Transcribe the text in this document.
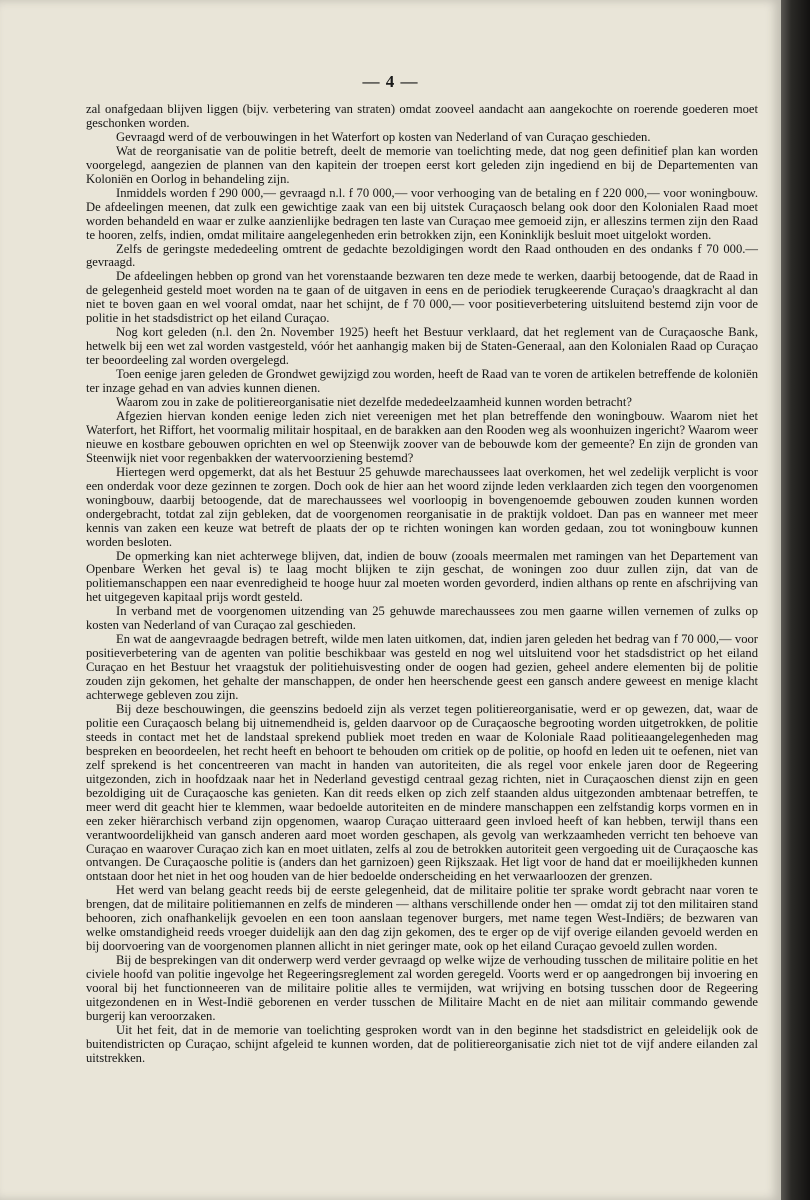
— 4 —

zal onafgedaan blijven liggen (bijv. verbetering van straten) omdat zooveel aandacht aan aangekochte on roerende goederen moet geschonken worden.

Gevraagd werd of de verbouwingen in het Waterfort op kosten van Nederland of van Curaçao geschieden.

Wat de reorganisatie van de politie betreft, deelt de memorie van toelichting mede, dat nog geen definitief plan kan worden voorgelegd, aangezien de plannen van den kapitein der troepen eerst kort geleden zijn ingediend en bij de Departementen van Koloniën en Oorlog in behandeling zijn.

Inmiddels worden f 290 000,— gevraagd n.l. f 70 000,— voor verhooging van de betaling en f 220 000,— voor woningbouw. De afdeelingen meenen, dat zulk een gewichtige zaak van een bij uitstek Curaçaosch belang ook door den Kolonialen Raad moet worden behandeld en waar er zulke aanzienlijke bedragen ten laste van Curaçao mee gemoeid zijn, er alleszins termen zijn den Raad te hooren, zelfs, indien, omdat militaire aangelegenheden erin betrokken zijn, een Koninklijk besluit moet uitgelokt worden.

Zelfs de geringste mededeeling omtrent de gedachte bezoldigingen wordt den Raad onthouden en des ondanks f 70 000.— gevraagd.

De afdeelingen hebben op grond van het vorenstaande bezwaren ten deze mede te werken, daarbij betoogende, dat de Raad in de gelegenheid gesteld moet worden na te gaan of de uitgaven in eens en de periodiek terugkeerende Curaçao's draagkracht al dan niet te boven gaan en wel vooral omdat, naar het schijnt, de f 70 000,— voor positieverbetering uitsluitend bestemd zijn voor de politie in het stadsdistrict op het eiland Curaçao.

Nog kort geleden (n.l. den 2n. November 1925) heeft het Bestuur verklaard, dat het reglement van de Curaçaosche Bank, hetwelk bij een wet zal worden vastgesteld, vóór het aanhangig maken bij de Staten-Generaal, aan den Kolonialen Raad op Curaçao ter beoordeeling zal worden overgelegd.

Toen eenige jaren geleden de Grondwet gewijzigd zou worden, heeft de Raad van te voren de artikelen betreffende de koloniën ter inzage gehad en van advies kunnen dienen.

Waarom zou in zake de politiereorganisatie niet dezelfde mededeelzaamheid kunnen worden betracht?

Afgezien hiervan konden eenige leden zich niet vereenigen met het plan betreffende den woningbouw. Waarom niet het Waterfort, het Riffort, het voormalig militair hospitaal, en de barakken aan den Rooden weg als woonhuizen ingericht? Waarom weer nieuwe en kostbare gebouwen oprichten en wel op Steenwijk zoover van de bebouwde kom der gemeente? En zijn de gronden van Steenwijk niet voor regenbakken der watervoorziening bestemd?

Hiertegen werd opgemerkt, dat als het Bestuur 25 gehuwde marechaussees laat overkomen, het wel zedelijk verplicht is voor een onderdak voor deze gezinnen te zorgen. Doch ook de hier aan het woord zijnde leden verklaarden zich tegen den voorgenomen woningbouw, daarbij betoogende, dat de marechaussees wel voorloopig in bovengenoemde gebouwen zouden kunnen worden ondergebracht, totdat zal zijn gebleken, dat de voorgenomen reorganisatie in de praktijk voldoet. Dan pas en wanneer met meer kennis van zaken een keuze wat betreft de plaats der op te richten woningen kan worden gedaan, zou tot woningbouw kunnen worden besloten.

De opmerking kan niet achterwege blijven, dat, indien de bouw (zooals meermalen met ramingen van het Departement van Openbare Werken het geval is) te laag mocht blijken te zijn geschat, de woningen zoo duur zullen zijn, dat van de politiemanschappen een naar evenredigheid te hooge huur zal moeten worden gevorderd, indien althans op rente en afschrijving van het uitgegeven kapitaal prijs wordt gesteld.

In verband met de voorgenomen uitzending van 25 gehuwde marechaussees zou men gaarne willen vernemen of zulks op kosten van Nederland of van Curaçao zal geschieden.

En wat de aangevraagde bedragen betreft, wilde men laten uitkomen, dat, indien jaren geleden het bedrag van f 70 000,— voor positieverbetering van de agenten van politie beschikbaar was gesteld en nog wel uitsluitend voor het stadsdistrict op het eiland Curaçao en het Bestuur het vraagstuk der politiehuisvesting onder de oogen had gezien, geheel andere elementen bij de politie zouden zijn gekomen, het gehalte der manschappen, de onder hen heerschende geest een gansch andere geweest en menige klacht achterwege gebleven zou zijn.

Bij deze beschouwingen, die geenszins bedoeld zijn als verzet tegen politiereorganisatie, werd er op gewezen, dat, waar de politie een Curaçaosch belang bij uitnemendheid is, gelden daarvoor op de Curaçaosche begrooting worden uitgetrokken, de politie steeds in contact met het de landstaal sprekend publiek moet treden en waar de Koloniale Raad politieaangelegenheden mag bespreken en beoordeelen, het recht heeft en behoort te behouden om critiek op de politie, op hoofd en leden uit te oefenen, niet van zelf sprekend is het concentreeren van macht in handen van autoriteiten, die als regel voor enkele jaren door de Regeering uitgezonden, zich in hoofdzaak naar het in Nederland gevestigd centraal gezag richten, niet in Curaçaoschen dienst zijn en geen bezoldiging uit de Curaçaosche kas genieten. Kan dit reeds elken op zich zelf staanden aldus uitgezonden ambtenaar betreffen, te meer werd dit geacht hier te klemmen, waar bedoelde autoriteiten en de mindere manschappen een zelfstandig korps vormen en in een zeker hiërarchisch verband zijn opgenomen, waarop Curaçao uitteraard geen invloed heeft of kan hebben, terwijl thans een verantwoordelijkheid van gansch anderen aard moet worden geschapen, als gevolg van werkzaamheden verricht ten behoeve van Curaçao en waarover Curaçao zich kan en moet uitlaten, zelfs al zou de betrokken autoriteit geen vergoeding uit de Curaçaosche kas ontvangen. De Curaçaosche politie is (anders dan het garnizoen) geen Rijkszaak. Het ligt voor de hand dat er moeilijkheden kunnen ontstaan door het niet in het oog houden van de hier bedoelde onderscheiding en het verwaarloozen der grenzen.

Het werd van belang geacht reeds bij de eerste gelegenheid, dat de militaire politie ter sprake wordt gebracht naar voren te brengen, dat de militaire politiemannen en zelfs de minderen — althans verschillende onder hen — omdat zij tot den militairen stand behooren, zich onafhankelijk gevoelen en een toon aanslaan tegenover burgers, met name tegen West-Indiërs; de bezwaren van welke omstandigheid reeds vroeger duidelijk aan den dag zijn gekomen, des te erger op de vijf overige eilanden gevoeld werden en bij doorvoering van de voorgenomen plannen allicht in niet geringer mate, ook op het eiland Curaçao gevoeld zullen worden.

Bij de besprekingen van dit onderwerp werd verder gevraagd op welke wijze de verhouding tusschen de militaire politie en het civiele hoofd van politie ingevolge het Regeeringsreglement zal worden geregeld. Voorts werd er op aangedrongen bij invoering en vooral bij het functionneeren van de militaire politie alles te vermijden, wat wrijving en botsing tusschen door de Regeering uitgezondenen en in West-Indië geborenen en verder tusschen de Militaire Macht en de niet aan militair commando gewende burgerij kan veroorzaken.

Uit het feit, dat in de memorie van toelichting gesproken wordt van in den beginne het stadsdistrict en geleidelijk ook de buitendistricten op Curaçao, schijnt afgeleid te kunnen worden, dat de politiereorganisatie zich niet tot de vijf andere eilanden zal uitstrekken.
